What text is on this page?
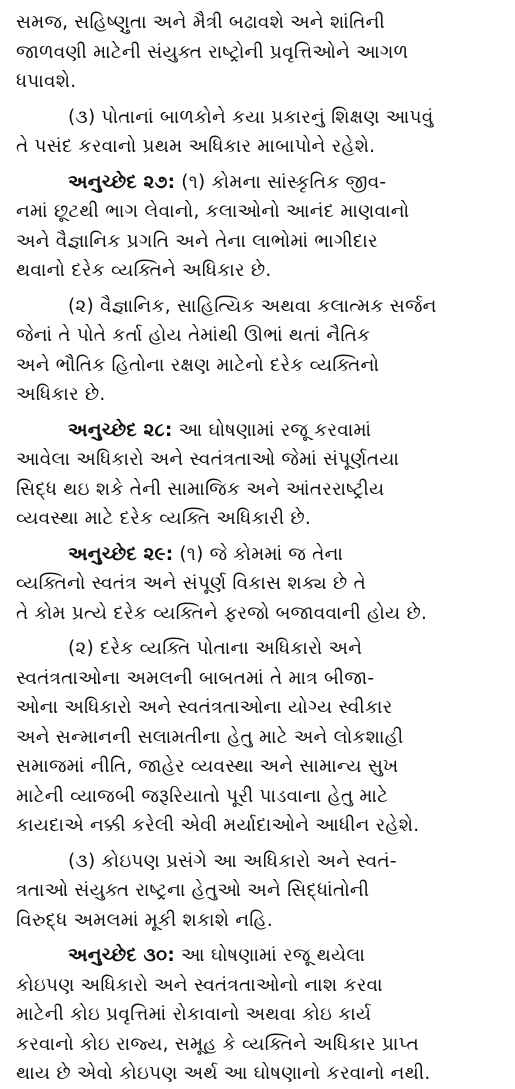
સમજ, સહિષ્ણુતા અને મૈત્રી બઢાવશે અને શાંતિની
જાળવણી માટેની સંયુક્ત રાષ્ટ્રોની પ્રવૃત્તિઓને આગળ
ધપાવશે.
(૩) પોતાનાં બાળકોને કયા પ્રકારનું શિક્ષણ આપવું
તે પસંદ કરવાનો પ્રથમ અધિકાર માબાપોને રહેશે.
અનુચ્છેદ ૨૭: (૧) કોમના સાંસ્કૃતિક જીવ-
નમાં છૂટથી ભાગ લેવાનો, કલાઓનો આનંદ માણવાનો
અને વૈજ્ઞાનિક પ્રગતિ અને તેના લાભોમાં ભાગીદાર
થવાનો દરેક વ્યક્તિને અધિકાર છે.
(૨) વૈજ્ઞાનિક, સાહિત્યિક અથવા કલાત્મક સર્જન
જેનાં તે પોતે કર્તા હોય તેમાંથી ઊભાં થતાં નૈતિક
અને ભૌતિક હિતોના રક્ષણ માટેનો દરેક વ્યક્તિનો
અધિકાર છે.
અનુચ્છેદ ૨૮: આ ઘોષણામાં રજૂ કરવામાં
આવેલા અધિકારો અને સ્વતંત્રતાઓ જેમાં સંપૂર્ણતયા
સિદ્ધ થઇ શકે તેની સામાજિક અને આંતરરાષ્ટ્રીય
વ્યવસ્થા માટે દરેક વ્યક્તિ અધિકારી છે.
અનુચ્છેદ ૨૯: (૧) જે કોમમાં જ તેના
વ્યક્તિનો સ્વતંત્ર અને સંપૂર્ણ વિકાસ શક્ય છે તે
તે કોમ પ્રત્યે દરેક વ્યક્તિને ફરજો બજાવવાની હોય છે.
(૨) દરેક વ્યક્તિ પોતાના અધિકારો અને
સ્વતંત્રતાઓના અમલની બાબતમાં તે માત્ર બીજા-
ઓના અધિકારો અને સ્વતંત્રતાઓના યોગ્ય સ્વીકાર
અને સન્માનની સલામતીના હેતુ માટે અને લોકશાહી
સમાજમાં નીતિ, જાહેર વ્યવસ્થા અને સામાન્ય સુખ
માટેની વ્યાજબી જરૂરિયાતો પૂરી પાડવાના હેતુ માટે
કાયદાએ નક્કી કરેલી એવી મર્યાદાઓને આધીન રહેશે.
(૩) કોઇપણ પ્રસંગે આ અધિકારો અને સ્વતં-
ત્રતાઓ સંયુક્ત રાષ્ટ્રના હેતુઓ અને સિદ્ધાંતોની
વિરુદ્ધ અમલમાં મૂકી શકાશે નહિ.
અનુચ્છેદ ૩૦: આ ઘોષણામાં રજૂ થયેલા
કોઇપણ અધિકારો અને સ્વતંત્રતાઓનો નાશ કરવા
માટેની કોઇ પ્રવૃત્તિમાં રોકાવાનો અથવા કોઇ કાર્ય
કરવાનો કોઇ રાજ્ય, સમૂહ કે વ્યક્તિને અધિકાર પ્રાપ્ત
થાય છે એવો કોઇપણ અર્થ આ ઘોષણાનો કરવાનો નથી.
